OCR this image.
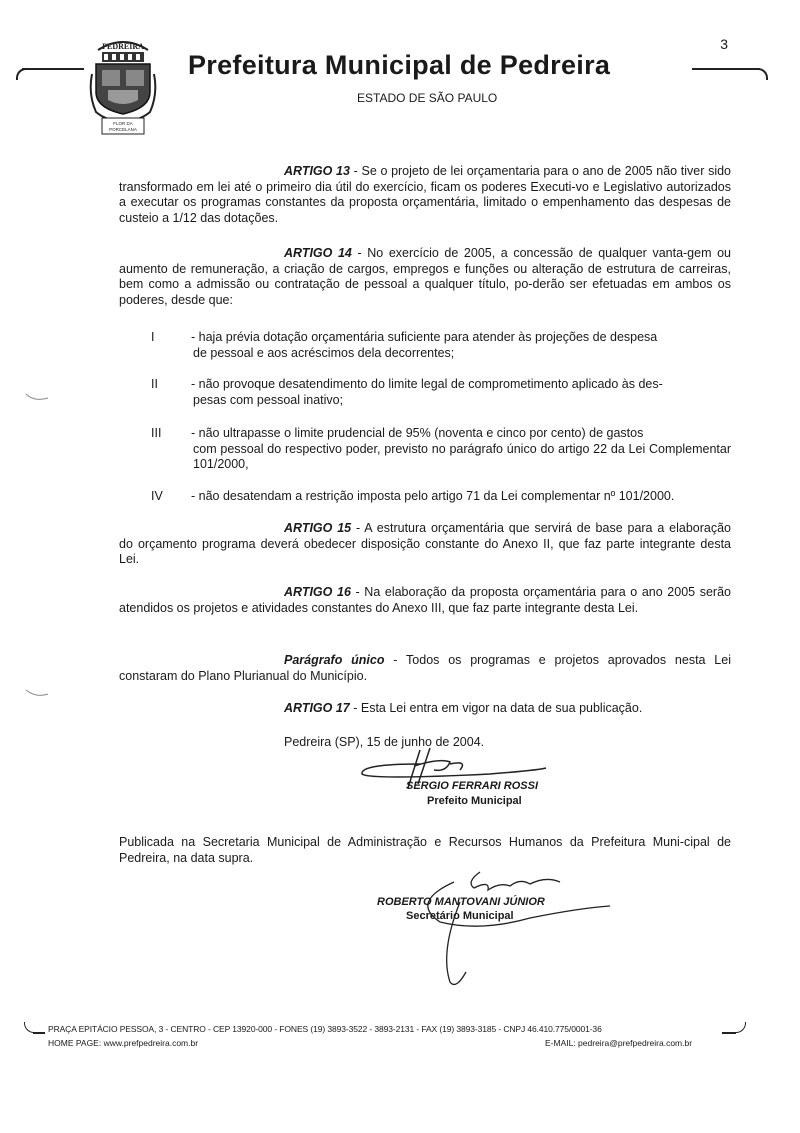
PEDREIRA
FLOR DA
PORCELANA
3
Prefeitura Municipal de Pedreira
ESTADO DE SÃO PAULO
ARTIGO 13 - Se o projeto de lei orçamentaria para o ano de 2005 não tiver sido transformado em lei até o primeiro dia útil do exercício, ficam os poderes Executi-vo e Legislativo autorizados a executar os programas constantes da proposta orçamentária, limitado o empenhamento das despesas de custeio a 1/12 das dotações.
ARTIGO 14 - No exercício de 2005, a concessão de qualquer vanta-gem ou aumento de remuneração, a criação de cargos, empregos e funções ou alteração de estrutura de carreiras, bem como a admissão ou contratação de pessoal a qualquer título, po-derão ser efetuadas em ambos os poderes, desde que:
I	- haja prévia dotação orçamentária suficiente para atender às projeções de despesa
de pessoal e aos acréscimos dela decorrentes;
II	- não provoque desatendimento do limite legal de comprometimento aplicado às des-
pesas com pessoal inativo;
III - não ultrapasse o limite prudencial de 95% (noventa e cinco por cento) de gastos
com pessoal do respectivo poder, previsto no parágrafo único do artigo 22 da Lei Complementar 101/2000,
IV - não desatendam a restrição imposta pelo artigo 71 da Lei complementar nº 101/2000.
ARTIGO 15 - A estrutura orçamentária que servirá de base para a elaboração do orçamento programa deverá obedecer disposição constante do Anexo II, que faz parte integrante desta Lei.
ARTIGO 16 - Na elaboração da proposta orçamentária para o ano 2005 serão atendidos os projetos e atividades constantes do Anexo III, que faz parte integrante desta Lei.
Parágrafo único - Todos os programas e projetos aprovados nesta Lei constaram do Plano Plurianual do Município.
ARTIGO 17 - Esta Lei entra em vigor na data de sua publicação.
Pedreira (SP), 15 de junho de 2004.
SERGIO FERRARI ROSSI
Prefeito Municipal
Publicada na Secretaria Municipal de Administração e Recursos Humanos da Prefeitura Muni-cipal de Pedreira, na data supra.
ROBERTO MANTOVANI JÚNIOR
Secretário Municipal
PRAÇA EPITÁCIO PESSOA, 3 - CENTRO - CEP 13920-000 - FONES (19) 3893-3522 - 3893-2131 - FAX (19) 3893-3185 - CNPJ 46.410.775/0001-36
HOME PAGE: www.prefpedreira.com.br	E-MAIL: pedreira@prefpedreira.com.br
